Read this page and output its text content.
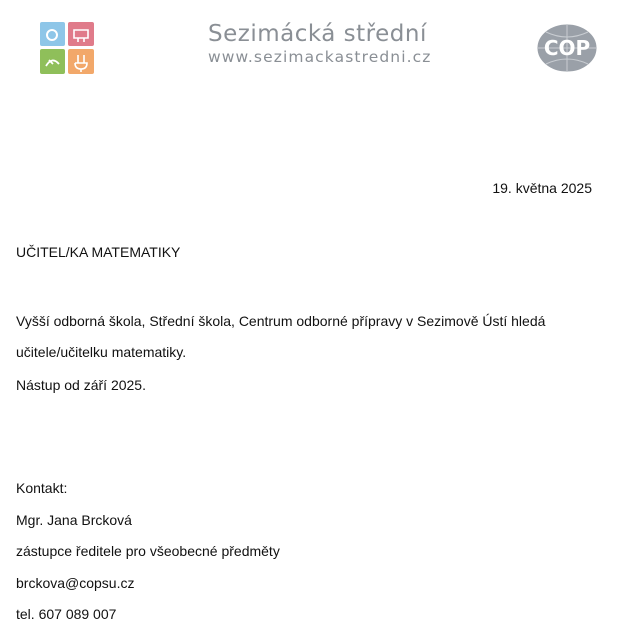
Sezimácká střední
www.sezimackastredni.cz	COP
19. května 2025
UČITEL/KA MATEMATIKY
Vyšší odborná škola, Střední škola, Centrum odborné přípravy v Sezimově Ústí hledá
učitele/učitelku matematiky.
Nástup od září 2025.
Kontakt:
Mgr. Jana Brcková
zástupce ředitele pro všeobecné předměty
brckova@copsu.cz
tel. 607 089 007
